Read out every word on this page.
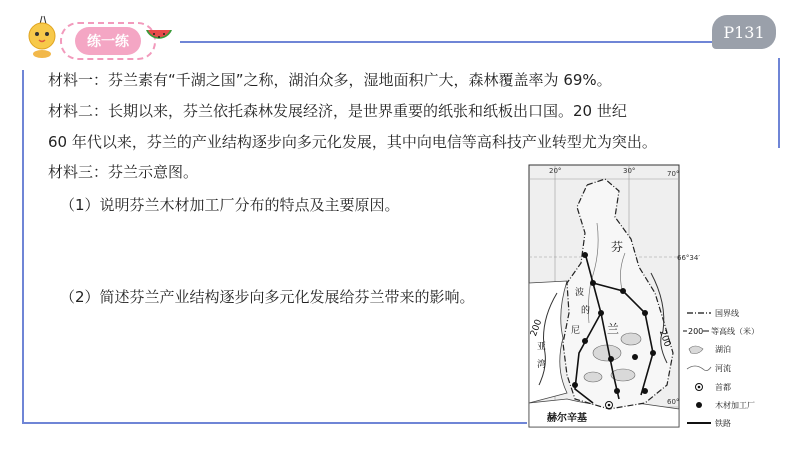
练一练
P131
材料一：芬兰素有“千湖之国”之称，湖泊众多，湿地面积广大，森林覆盖率为 69%。
材料二：长期以来，芬兰依托森林发展经济，是世界重要的纸张和纸板出口国。20 世纪
60 年代以来，芬兰的产业结构逐步向多元化发展，其中向电信等高科技产业转型尤为突出。
材料三：芬兰示意图。
（1）说明芬兰木材加工厂分布的特点及主要原因。
（2）简述芬兰产业结构逐步向多元化发展给芬兰带来的影响。
20°	30°	70°
66°34′
60°
200
200
芬
兰
波
的
尼
亚
湾
赫尔辛基
国界线
200 等高线（米）
湖泊
河流
首都
木材加工厂
铁路
